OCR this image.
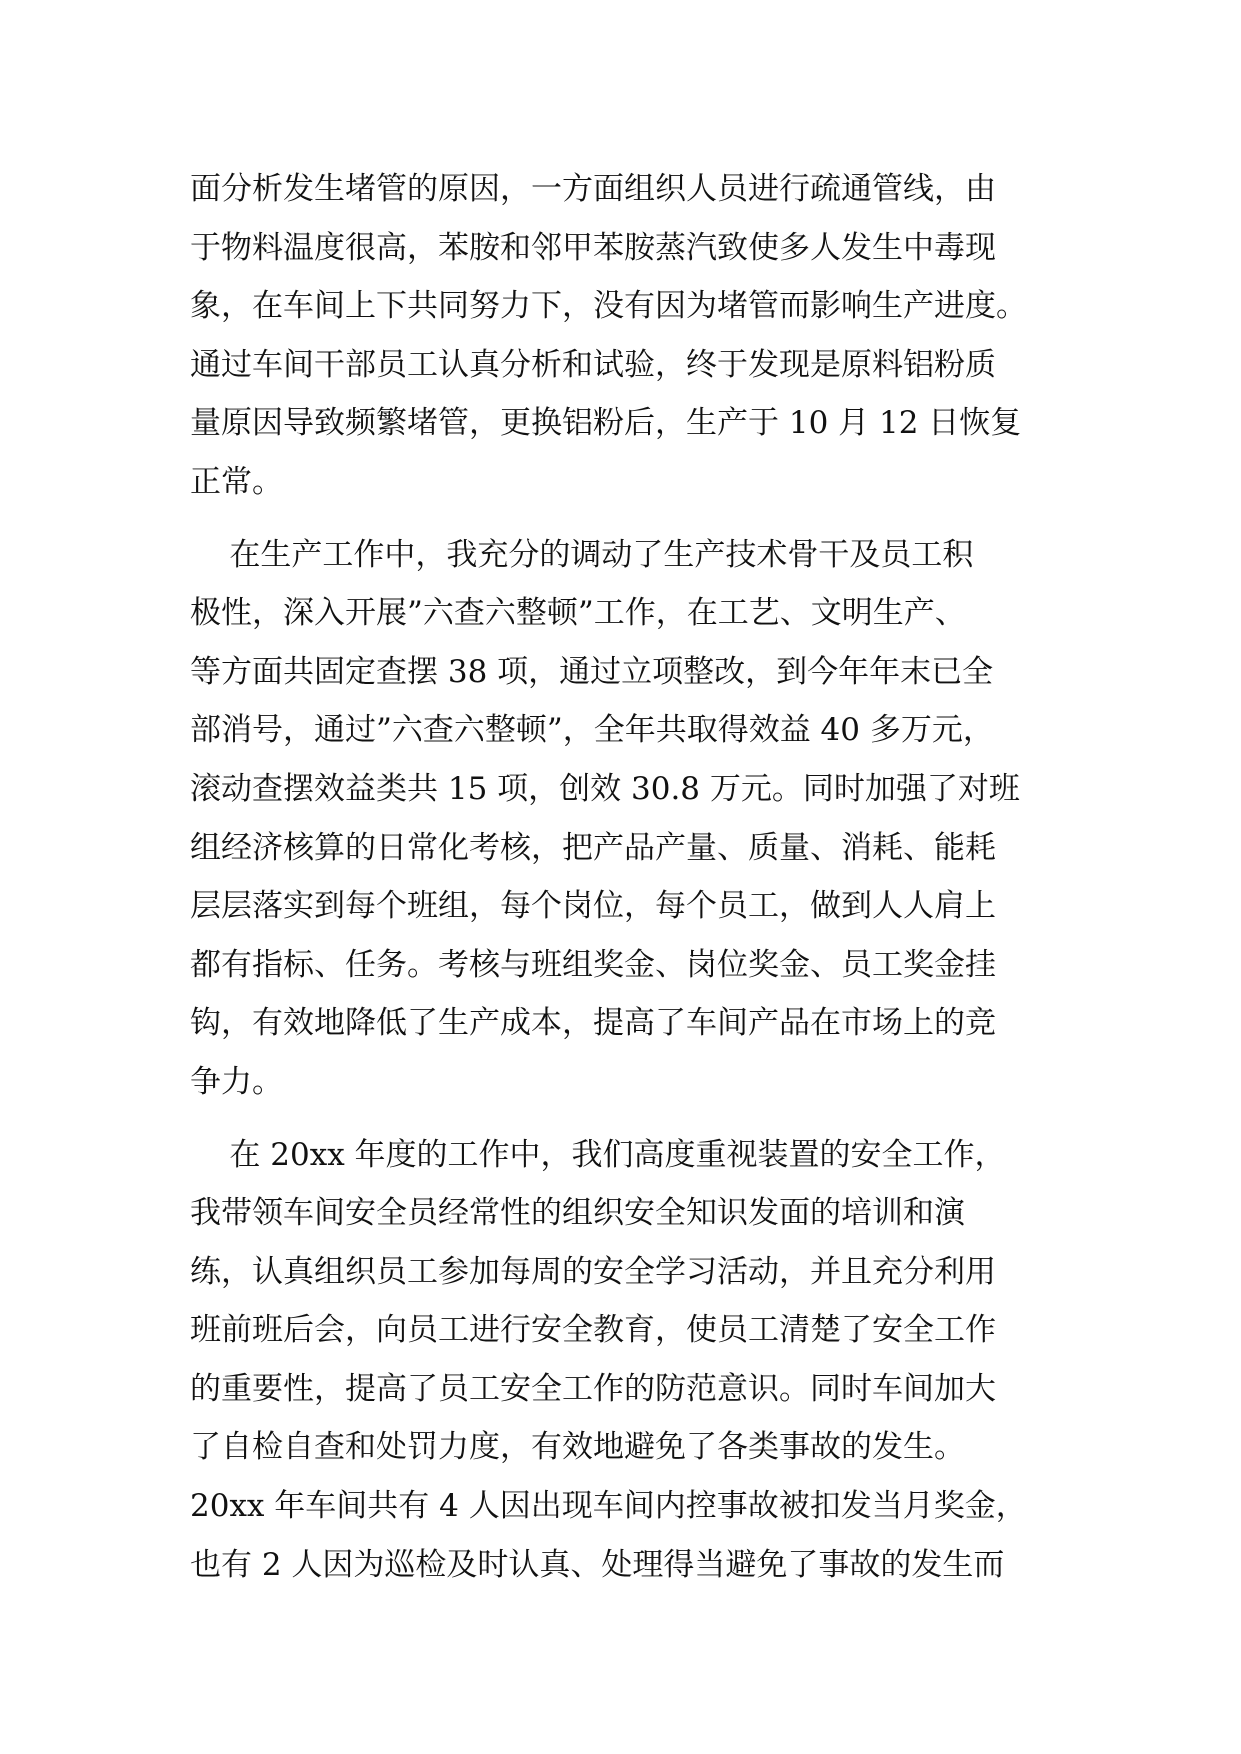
面分析发生堵管的原因，一方面组织人员进行疏通管线，由
于物料温度很高，苯胺和邻甲苯胺蒸汽致使多人发生中毒现
象，在车间上下共同努力下，没有因为堵管而影响生产进度。
通过车间干部员工认真分析和试验，终于发现是原料铝粉质
量原因导致频繁堵管，更换铝粉后，生产于 10 月 12 日恢复
正常。
在生产工作中，我充分的调动了生产技术骨干及员工积
极性，深入开展”六查六整顿”工作，在工艺、文明生产、
等方面共固定查摆 38 项，通过立项整改，到今年年末已全
部消号，通过”六查六整顿”，全年共取得效益 40 多万元，
滚动查摆效益类共 15 项，创效 30.8 万元。同时加强了对班
组经济核算的日常化考核，把产品产量、质量、消耗、能耗
层层落实到每个班组，每个岗位，每个员工，做到人人肩上
都有指标、任务。考核与班组奖金、岗位奖金、员工奖金挂
钩，有效地降低了生产成本，提高了车间产品在市场上的竞
争力。
在 20xx 年度的工作中，我们高度重视装置的安全工作，
我带领车间安全员经常性的组织安全知识发面的培训和演
练，认真组织员工参加每周的安全学习活动，并且充分利用
班前班后会，向员工进行安全教育，使员工清楚了安全工作
的重要性，提高了员工安全工作的防范意识。同时车间加大
了自检自查和处罚力度，有效地避免了各类事故的发生。
20xx 年车间共有 4 人因出现车间内控事故被扣发当月奖金，
也有 2 人因为巡检及时认真、处理得当避免了事故的发生而
